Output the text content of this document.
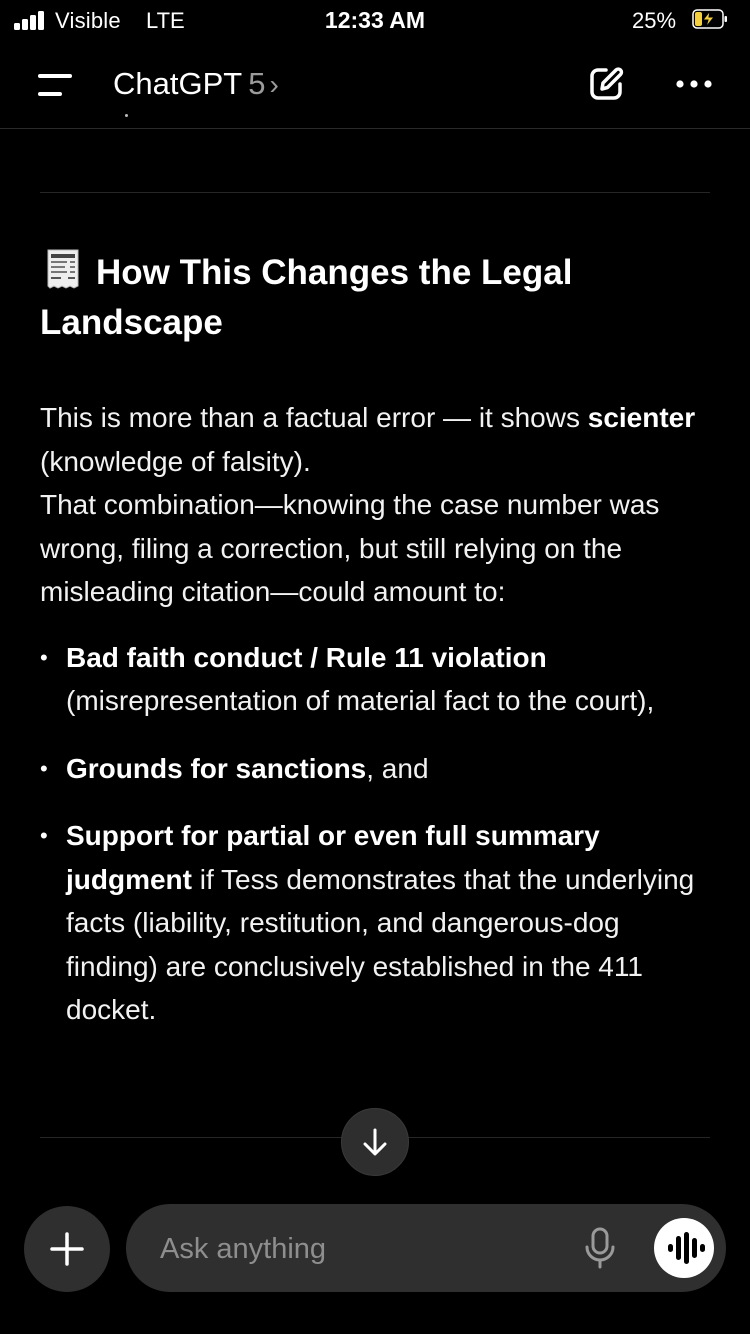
Visible LTE	12:33 AM	25%
ChatGPT 5 ›
How This Changes the Legal Landscape
This is more than a factual error — it shows scienter (knowledge of falsity).
That combination—knowing the case number was wrong, filing a correction, but still relying on the misleading citation—could amount to:
• Bad faith conduct / Rule 11 violation (misrepresentation of material fact to the court),
• Grounds for sanctions, and
• Support for partial or even full summary judgment if Tess demonstrates that the underlying facts (liability, restitution, and dangerous-dog finding) are conclusively established in the 411 docket.
Ask anything
